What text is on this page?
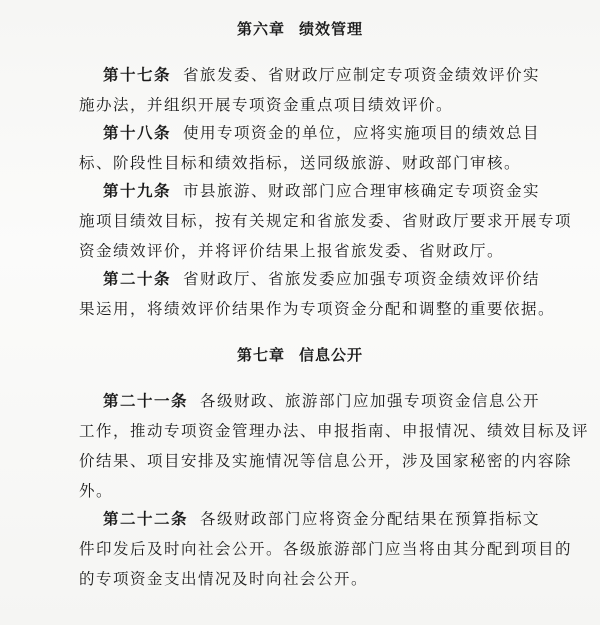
第六章 绩效管理
第十七条 省旅发委、省财政厅应制定专项资金绩效评价实
施办法，并组织开展专项资金重点项目绩效评价。
第十八条 使用专项资金的单位，应将实施项目的绩效总目
标、阶段性目标和绩效指标，送同级旅游、财政部门审核。
第十九条 市县旅游、财政部门应合理审核确定专项资金实
施项目绩效目标，按有关规定和省旅发委、省财政厅要求开展专项
资金绩效评价，并将评价结果上报省旅发委、省财政厅。
第二十条 省财政厅、省旅发委应加强专项资金绩效评价结
果运用，将绩效评价结果作为专项资金分配和调整的重要依据。
第七章 信息公开
第二十一条 各级财政、旅游部门应加强专项资金信息公开
工作，推动专项资金管理办法、申报指南、申报情况、绩效目标及评
价结果、项目安排及实施情况等信息公开，涉及国家秘密的内容除
外。
第二十二条 各级财政部门应将资金分配结果在预算指标文
件印发后及时向社会公开。各级旅游部门应当将由其分配到项目的
的专项资金支出情况及时向社会公开。
